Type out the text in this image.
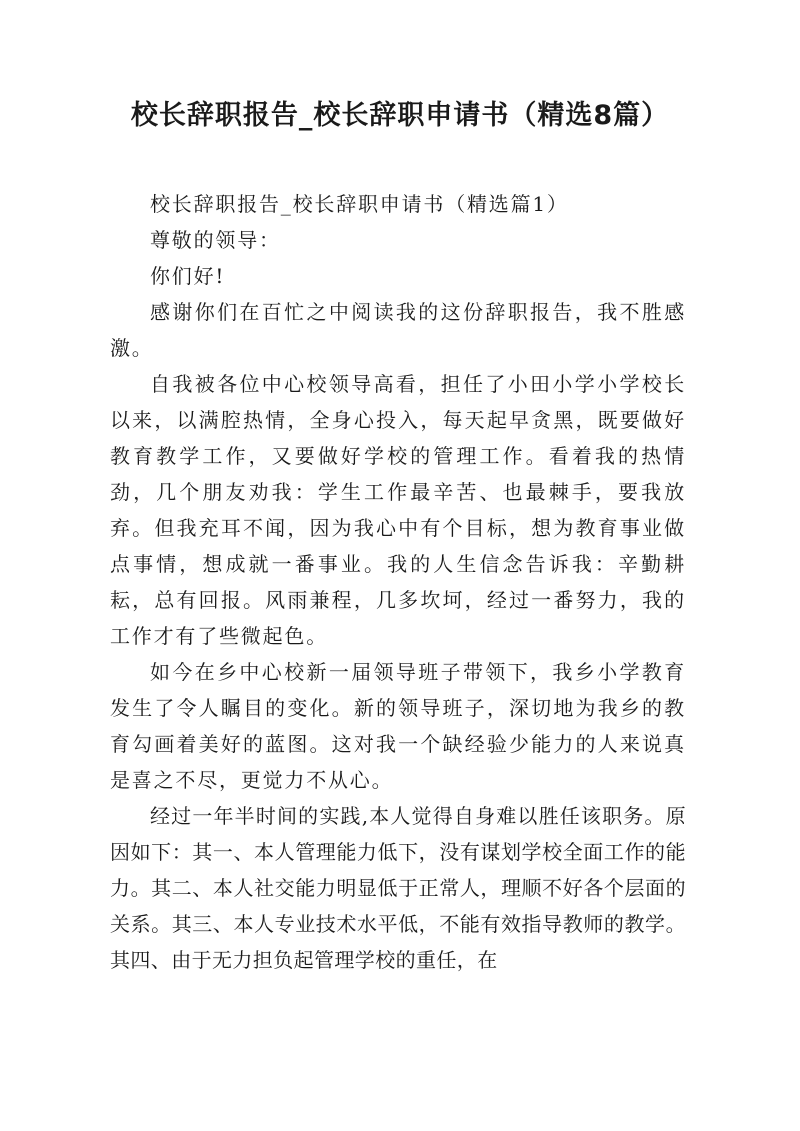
校长辞职报告_校长辞职申请书（精选8篇）

校长辞职报告_校长辞职申请书（精选篇1）

尊敬的领导：

你们好!

感谢你们在百忙之中阅读我的这份辞职报告，我不胜感激。

自我被各位中心校领导高看，担任了小田小学小学校长以来，以满腔热情，全身心投入，每天起早贪黑，既要做好教育教学工作，又要做好学校的管理工作。看着我的热情劲，几个朋友劝我：学生工作最辛苦、也最棘手，要我放弃。但我充耳不闻，因为我心中有个目标，想为教育事业做点事情，想成就一番事业。我的人生信念告诉我：辛勤耕耘，总有回报。风雨兼程，几多坎坷，经过一番努力，我的工作才有了些微起色。

如今在乡中心校新一届领导班子带领下，我乡小学教育发生了令人瞩目的变化。新的领导班子，深切地为我乡的教育勾画着美好的蓝图。这对我一个缺经验少能力的人来说真是喜之不尽，更觉力不从心。

经过一年半时间的实践,本人觉得自身难以胜任该职务。原因如下：其一、本人管理能力低下，没有谋划学校全面工作的能力。其二、本人社交能力明显低于正常人，理顺不好各个层面的关系。其三、本人专业技术水平低，不能有效指导教师的教学。其四、由于无力担负起管理学校的重任，在
